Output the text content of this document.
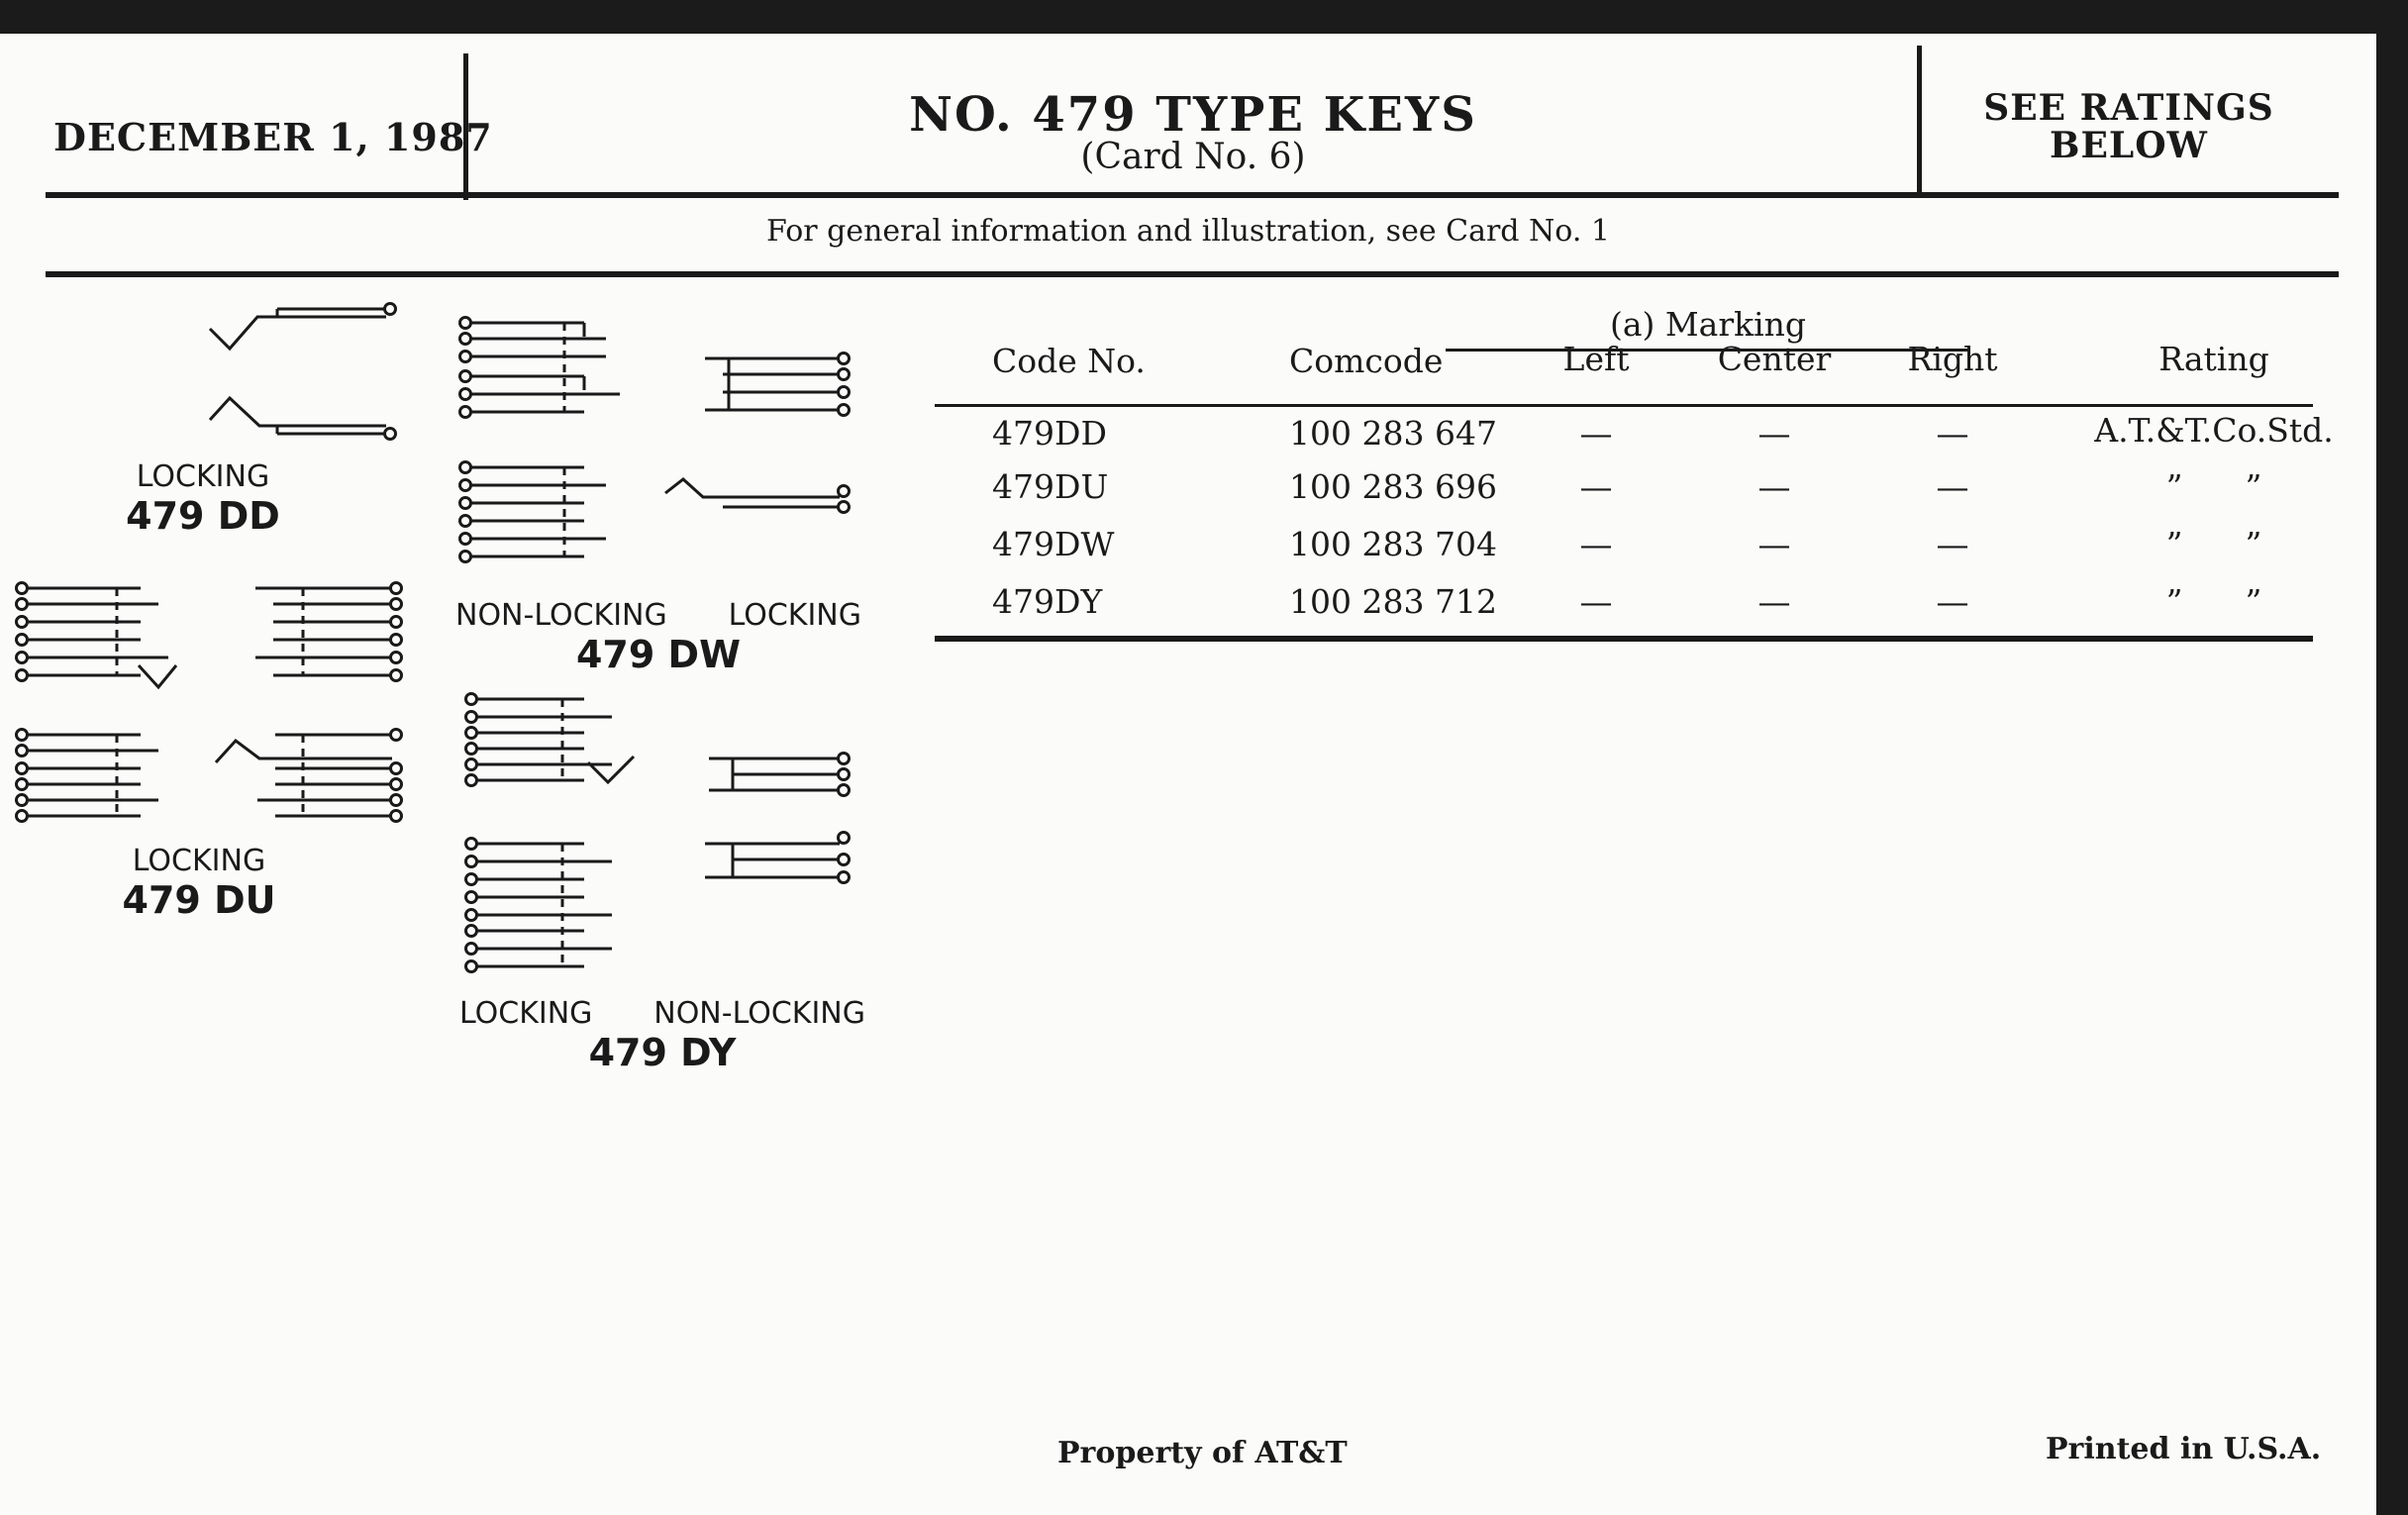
DECEMBER 1, 1987	NO. 479 TYPE KEYS
(Card No. 6)
SEE RATINGS
BELOW
For general information and illustration, see Card No. 1
LOCKING
479 DD
LOCKING
479 DU
NON-LOCKING LOCKING
479 DW
LOCKING NON-LOCKING
479 DY
(a) Marking
Code No.	Comcode	Left	Center	Right	Rating
479DD	100 283 647	—	—	—	A.T.&T.Co.Std.
479DU	100 283 696	—	—	—	”      ”
479DW	100 283 704	—	—	—	”      ”
479DY	100 283 712	—	—	—	”      ”
Property of AT&T	Printed in U.S.A.
